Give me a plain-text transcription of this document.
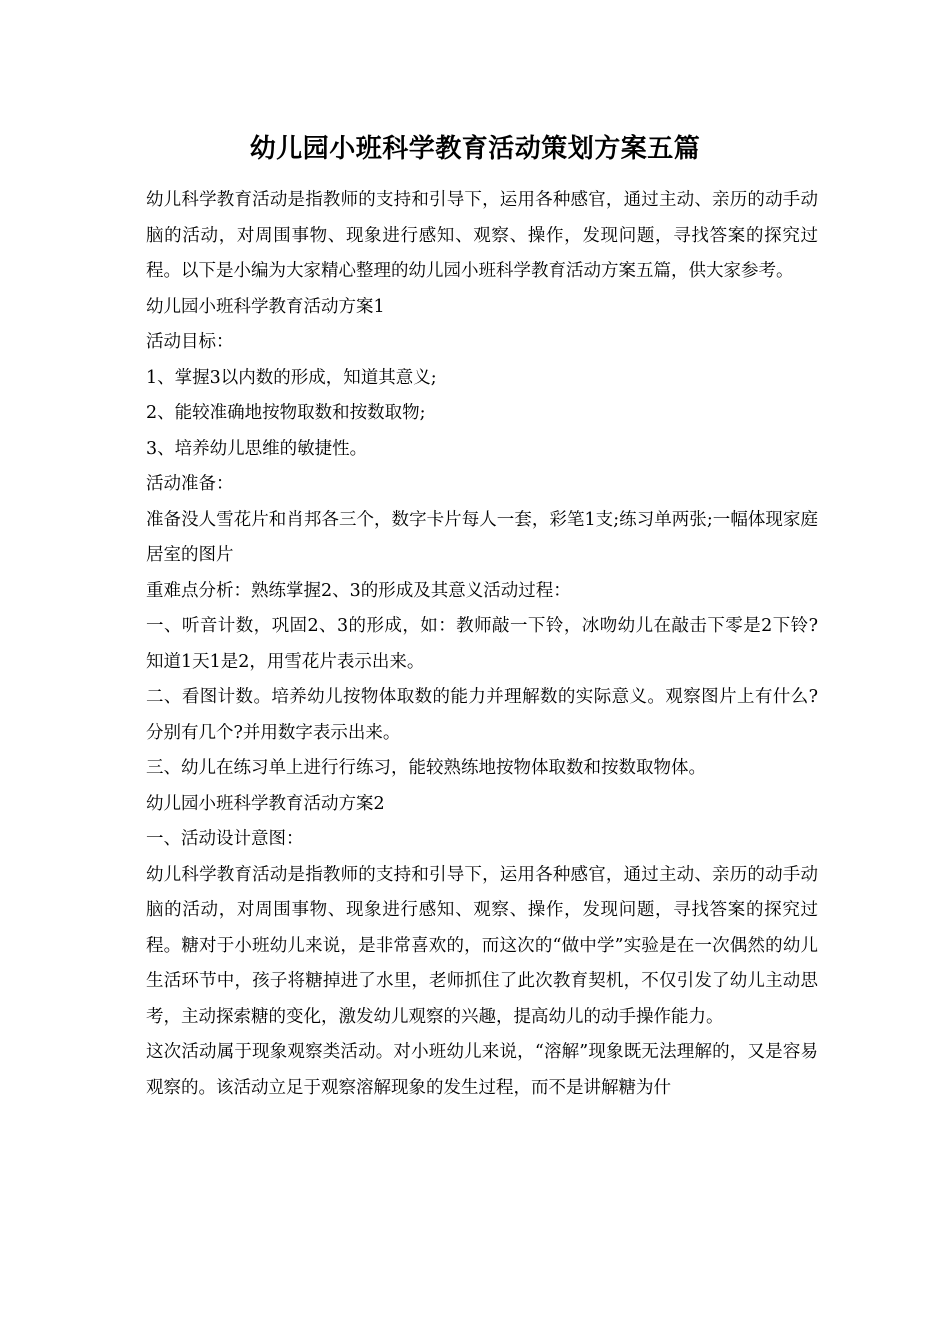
幼儿园小班科学教育活动策划方案五篇

幼儿科学教育活动是指教师的支持和引导下，运用各种感官，通过主动、亲历的动手动脑的活动，对周围事物、现象进行感知、观察、操作，发现问题，寻找答案的探究过程。以下是小编为大家精心整理的幼儿园小班科学教育活动方案五篇，供大家参考。

幼儿园小班科学教育活动方案1

活动目标：

1、掌握3以内数的形成，知道其意义;

2、能较准确地按物取数和按数取物;

3、培养幼儿思维的敏捷性。

活动准备：

准备没人雪花片和肖邦各三个，数字卡片每人一套，彩笔1支;练习单两张;一幅体现家庭居室的图片

重难点分析：熟练掌握2、3的形成及其意义活动过程：

一、听音计数，巩固2、3的形成，如：教师敲一下铃，冰吻幼儿在敲击下零是2下铃?知道1天1是2，用雪花片表示出来。

二、看图计数。培养幼儿按物体取数的能力并理解数的实际意义。观察图片上有什么?分别有几个?并用数字表示出来。

三、幼儿在练习单上进行行练习，能较熟练地按物体取数和按数取物体。

幼儿园小班科学教育活动方案2

一、活动设计意图：

幼儿科学教育活动是指教师的支持和引导下，运用各种感官，通过主动、亲历的动手动脑的活动，对周围事物、现象进行感知、观察、操作，发现问题，寻找答案的探究过程。糖对于小班幼儿来说，是非常喜欢的，而这次的“做中学”实验是在一次偶然的幼儿生活环节中，孩子将糖掉进了水里，老师抓住了此次教育契机，不仅引发了幼儿主动思考，主动探索糖的变化，激发幼儿观察的兴趣，提高幼儿的动手操作能力。

这次活动属于现象观察类活动。对小班幼儿来说，“溶解”现象既无法理解的，又是容易观察的。该活动立足于观察溶解现象的发生过程，而不是讲解糖为什
